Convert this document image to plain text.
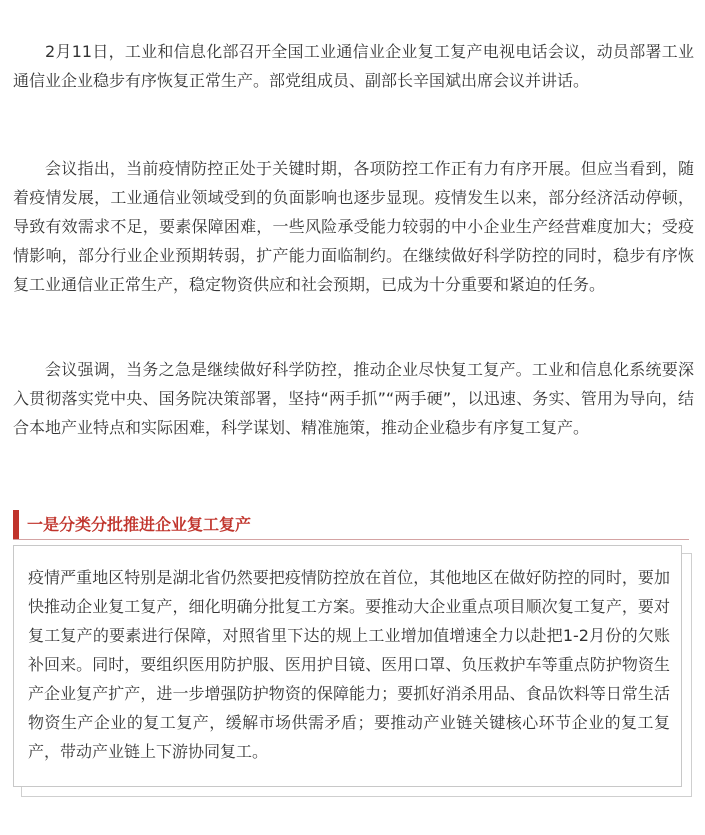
2月11日，工业和信息化部召开全国工业通信业企业复工复产电视电话会议，动员部署工业通信业企业稳步有序恢复正常生产。部党组成员、副部长辛国斌出席会议并讲话。

会议指出，当前疫情防控正处于关键时期，各项防控工作正有力有序开展。但应当看到，随着疫情发展，工业通信业领域受到的负面影响也逐步显现。疫情发生以来，部分经济活动停顿，导致有效需求不足，要素保障困难，一些风险承受能力较弱的中小企业生产经营难度加大；受疫情影响，部分行业企业预期转弱，扩产能力面临制约。在继续做好科学防控的同时，稳步有序恢复工业通信业正常生产，稳定物资供应和社会预期，已成为十分重要和紧迫的任务。

会议强调，当务之急是继续做好科学防控，推动企业尽快复工复产。工业和信息化系统要深入贯彻落实党中央、国务院决策部署，坚持“两手抓”“两手硬”，以迅速、务实、管用为导向，结合本地产业特点和实际困难，科学谋划、精准施策，推动企业稳步有序复工复产。

一是分类分批推进企业复工复产

疫情严重地区特别是湖北省仍然要把疫情防控放在首位，其他地区在做好防控的同时，要加快推动企业复工复产，细化明确分批复工方案。要推动大企业重点项目顺次复工复产，要对复工复产的要素进行保障，对照省里下达的规上工业增加值增速全力以赴把1-2月份的欠账补回来。同时，要组织医用防护服、医用护目镜、医用口罩、负压救护车等重点防护物资生产企业复产扩产，进一步增强防护物资的保障能力；要抓好消杀用品、食品饮料等日常生活物资生产企业的复工复产，缓解市场供需矛盾；要推动产业链关键核心环节企业的复工复产，带动产业链上下游协同复工。
